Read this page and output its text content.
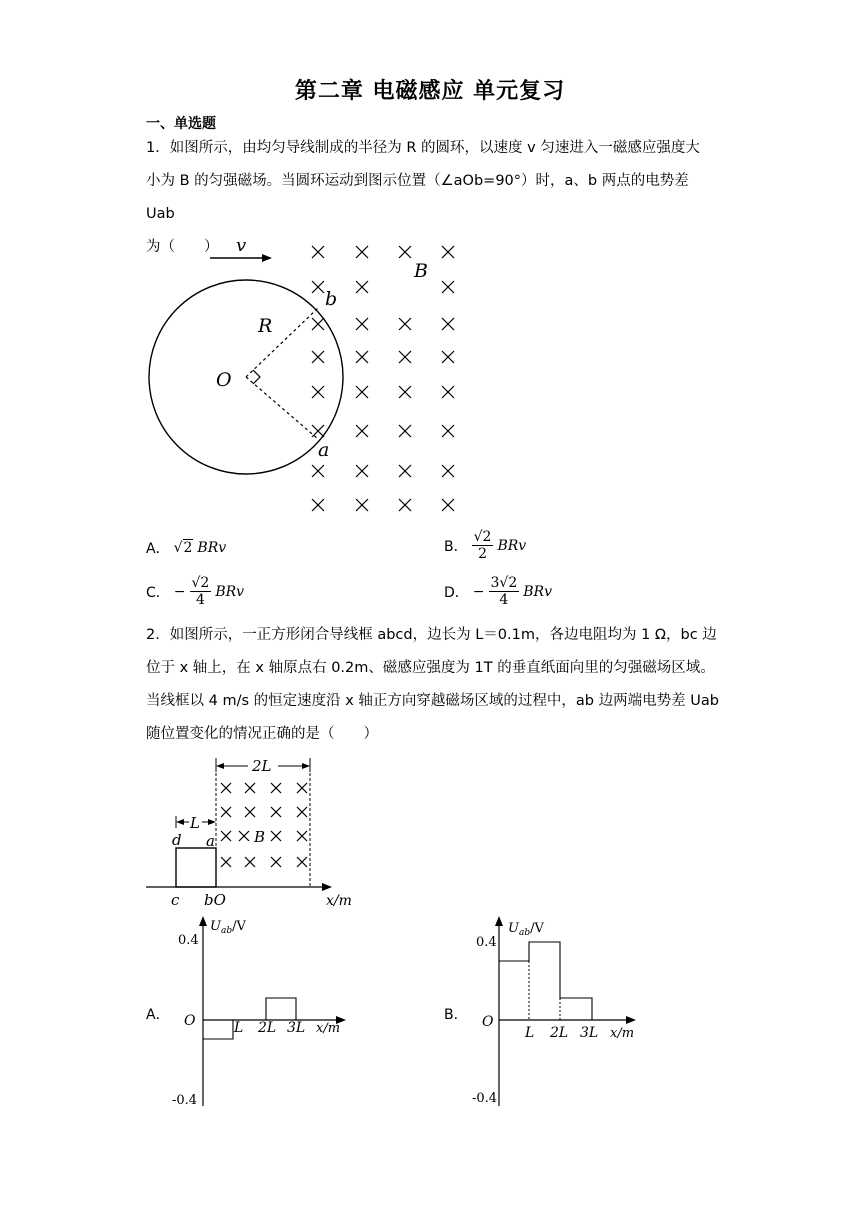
第二章 电磁感应 单元复习
一、单选题
1．如图所示，由均匀导线制成的半径为 R 的圆环，以速度 v 匀速进入一磁感应强度大
小为 B 的匀强磁场。当圆环运动到图示位置（∠aOb=90°）时，a、b 两点的电势差 Uab
为（　　） v
R
O
b
a
B
A． √2 BRv	B． $\frac{√2}{2}$ BRv
C． − $\frac{√2}{4}$ BRv	D． − $\frac{3√2}{4}$ BRv
2．如图所示，一正方形闭合导线框 abcd，边长为 L＝0.1m，各边电阻均为 1 Ω，bc 边
位于 x 轴上，在 x 轴原点右 0.2m、磁感应强度为 1T 的垂直纸面向里的匀强磁场区域。
当线框以 4 m/s 的恒定速度沿 x 轴正方向穿越磁场区域的过程中，ab 边两端电势差 Uab
随位置变化的情况正确的是（　　）
2L
L
d a
c bO	x/m
B
A．
$U_{ab}/V$
0.4
-0.4
O	L 2L 3L x/m
B．
$U_{ab}/V$
0.4
-0.4
O
L 2L 3L x/m
